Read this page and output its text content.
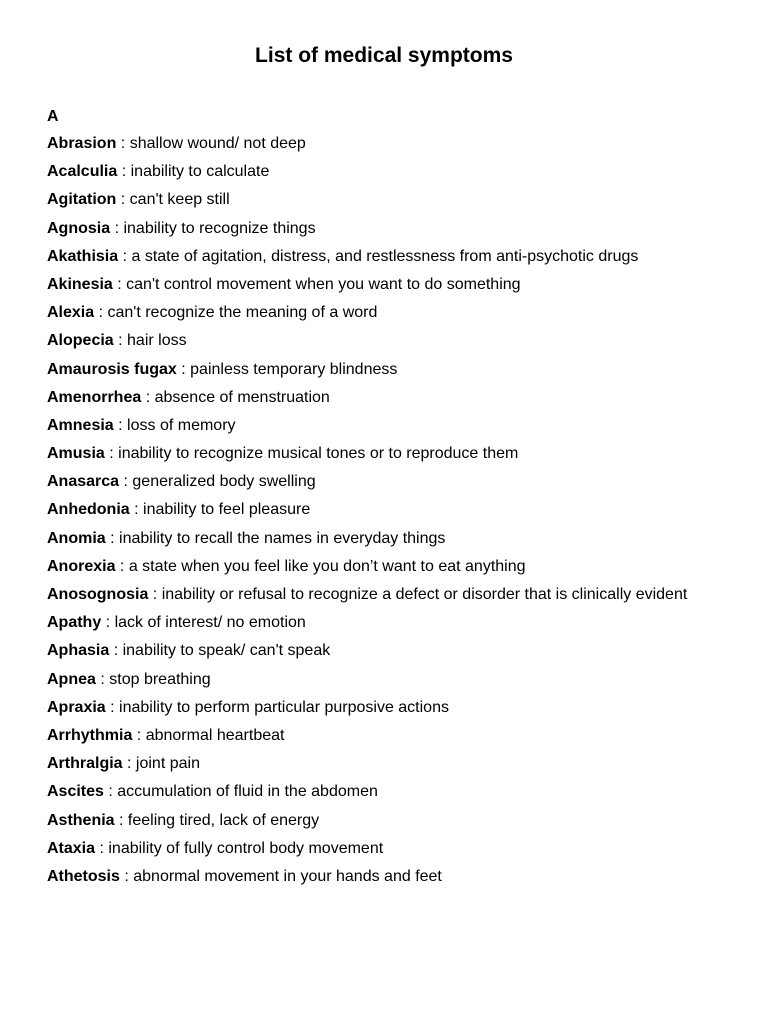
List of medical symptoms
A
Abrasion : shallow wound/ not deep
Acalculia : inability to calculate
Agitation : can't keep still
Agnosia : inability to recognize things
Akathisia : a state of agitation, distress, and restlessness from anti-psychotic drugs
Akinesia : can't control movement when you want to do something
Alexia : can't recognize the meaning of a word
Alopecia : hair loss
Amaurosis fugax : painless temporary blindness
Amenorrhea : absence of menstruation
Amnesia : loss of memory
Amusia : inability to recognize musical tones or to reproduce them
Anasarca : generalized body swelling
Anhedonia : inability to feel pleasure
Anomia : inability to recall the names in everyday things
Anorexia : a state when you feel like you don’t want to eat anything
Anosognosia : inability or refusal to recognize a defect or disorder that is clinically evident
Apathy : lack of interest/ no emotion
Aphasia : inability to speak/ can't speak
Apnea : stop breathing
Apraxia : inability to perform particular purposive actions
Arrhythmia : abnormal heartbeat
Arthralgia : joint pain
Ascites : accumulation of fluid in the abdomen
Asthenia : feeling tired, lack of energy
Ataxia : inability of fully control body movement
Athetosis : abnormal movement in your hands and feet
